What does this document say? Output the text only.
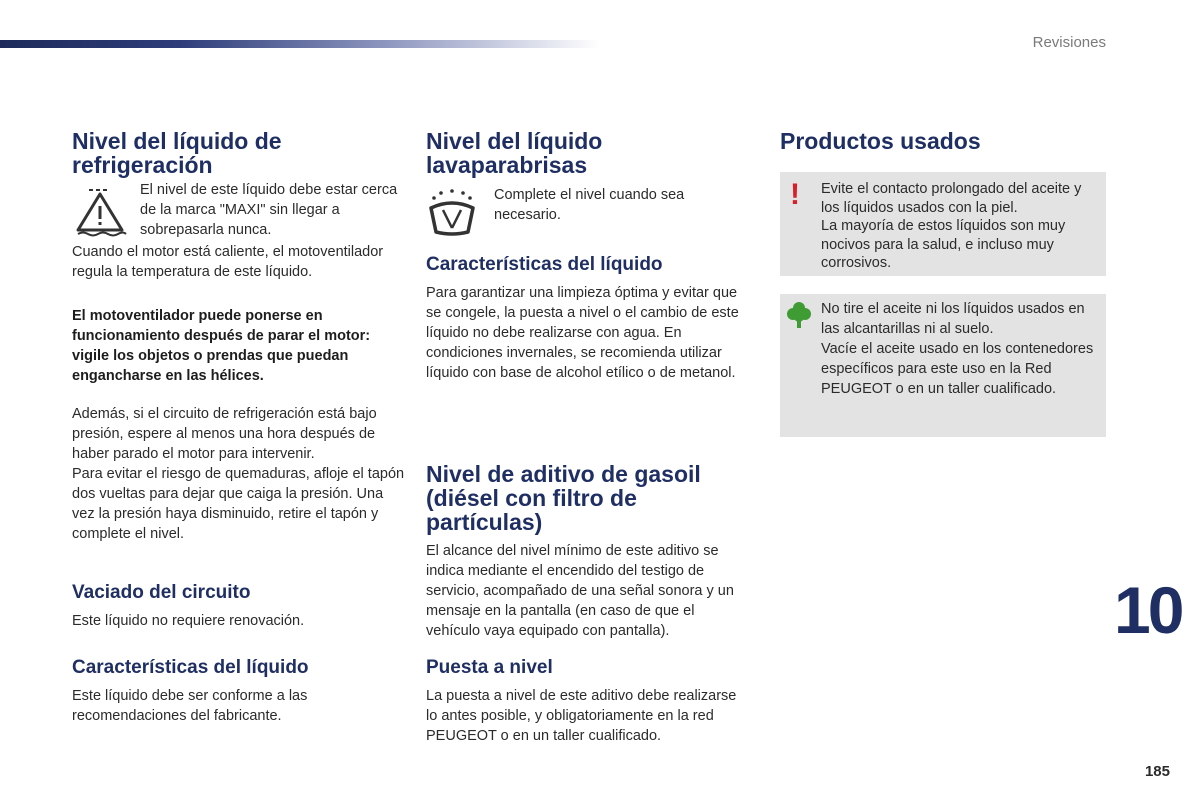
Revisiones
Nivel del líquido de refrigeración

El nivel de este líquido debe estar cerca de la marca "MAXI" sin llegar a sobrepasarla nunca.

Cuando el motor está caliente, el motoventilador regula la temperatura de este líquido.

El motoventilador puede ponerse en funcionamiento después de parar el motor: vigile los objetos o prendas que puedan engancharse en las hélices.

Además, si el circuito de refrigeración está bajo presión, espere al menos una hora después de haber parado el motor para intervenir.

Para evitar el riesgo de quemaduras, afloje el tapón dos vueltas para dejar que caiga la presión. Una vez la presión haya disminuido, retire el tapón y complete el nivel.

Vaciado del circuito

Este líquido no requiere renovación.

Características del líquido

Este líquido debe ser conforme a las recomendaciones del fabricante.

Nivel del líquido lavaparabrisas

Complete el nivel cuando sea necesario.

Características del líquido

Para garantizar una limpieza óptima y evitar que se congele, la puesta a nivel o el cambio de este líquido no debe realizarse con agua. En condiciones invernales, se recomienda utilizar líquido con base de alcohol etílico o de metanol.

Nivel de aditivo de gasoil (diésel con filtro de partículas)

El alcance del nivel mínimo de este aditivo se indica mediante el encendido del testigo de servicio, acompañado de una señal sonora y un mensaje en la pantalla (en caso de que el vehículo vaya equipado con pantalla).

Puesta a nivel

La puesta a nivel de este aditivo debe realizarse lo antes posible, y obligatoriamente en la red PEUGEOT o en un taller cualificado.

Productos usados
! Evite el contacto prolongado del aceite y los líquidos usados con la piel.
La mayoría de estos líquidos son muy nocivos para la salud, e incluso muy corrosivos.

No tire el aceite ni los líquidos usados en las alcantarillas ni al suelo.
Vacíe el aceite usado en los contenedores específicos para este uso en la Red PEUGEOT o en un taller cualificado.

10
185
